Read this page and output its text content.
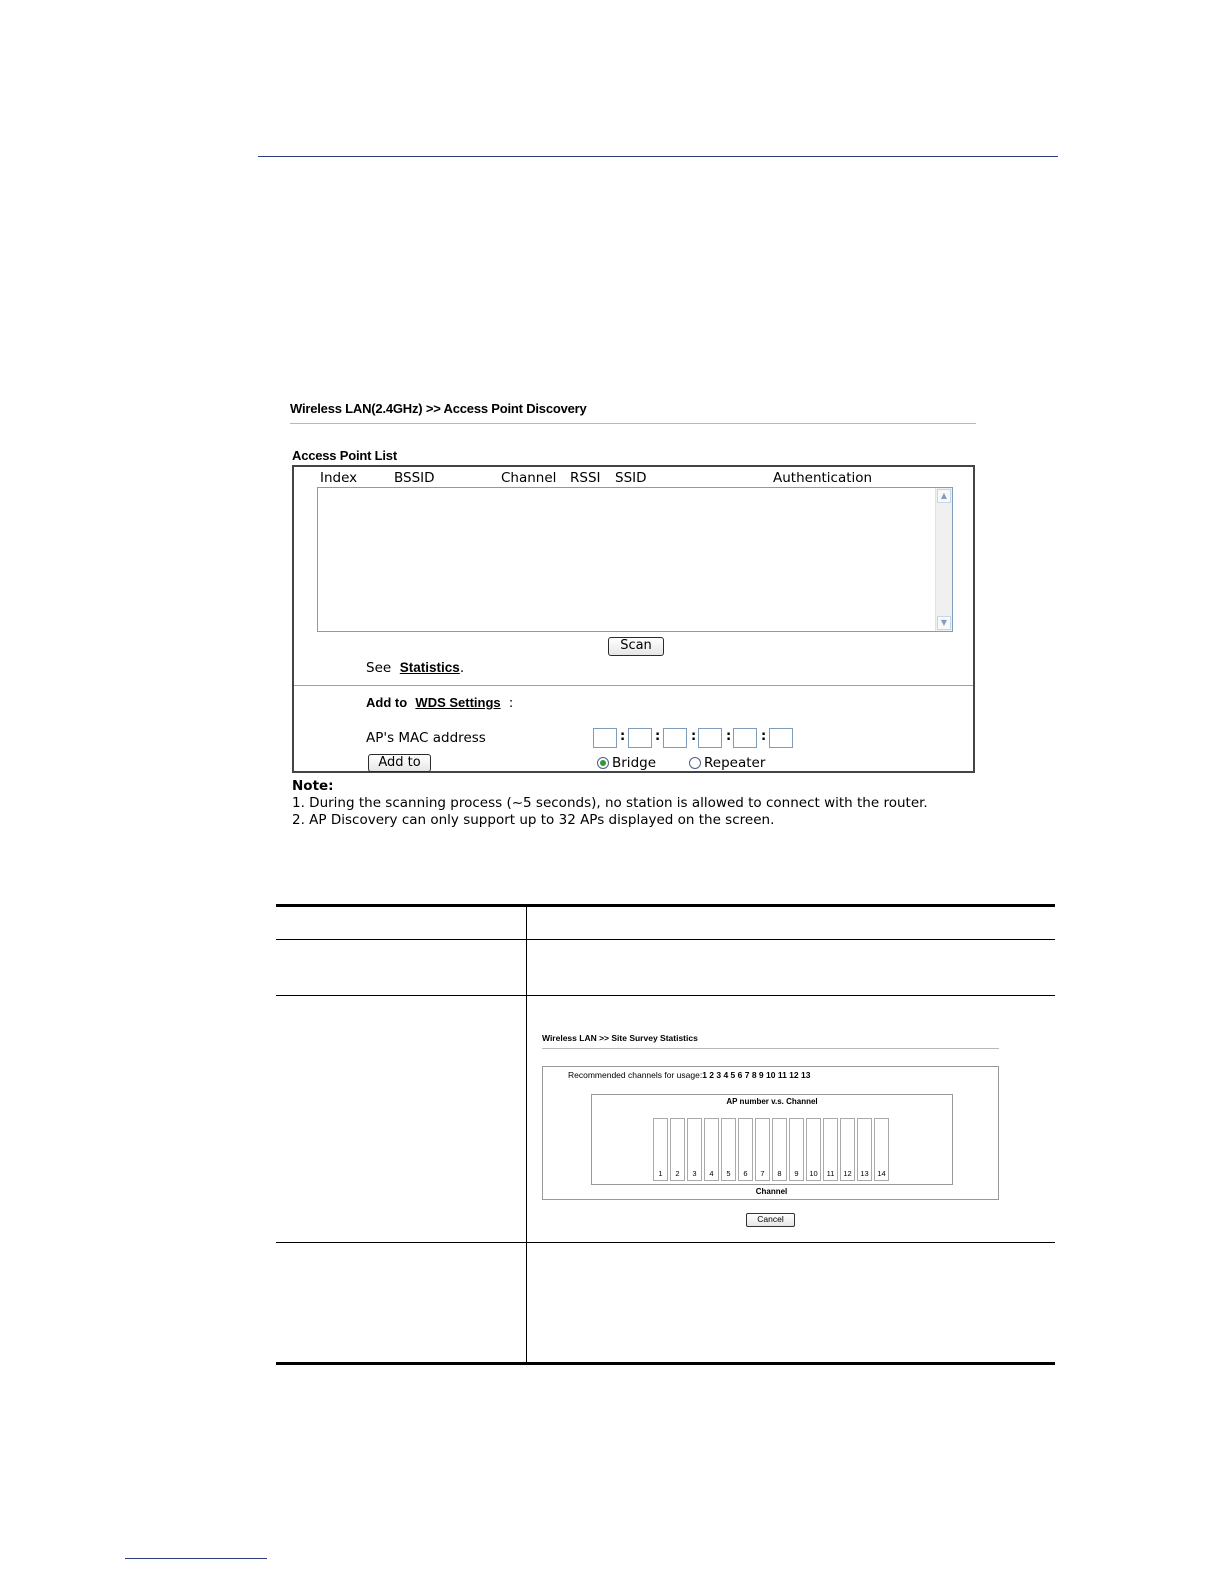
Wireless LAN(2.4GHz) >> Access Point Discovery
Access Point List
Index	BSSID	Channel RSSI SSID	Authentication
▲
▼
Scan
See Statistics.
Add to WDS Settings :
AP's MAC address	: : : : :
Add to	Bridge	Repeater
Note:
1. During the scanning process (~5 seconds), no station is allowed to connect with the router.
2. AP Discovery can only support up to 32 APs displayed on the screen.
Wireless LAN >> Site Survey Statistics
Recommended channels for usage:1 2 3 4 5 6 7 8 9 10 11 12 13
AP number v.s. Channel
1	2	3	4	5	6	7	8	9	10	11	12	13	14
Channel
Cancel
